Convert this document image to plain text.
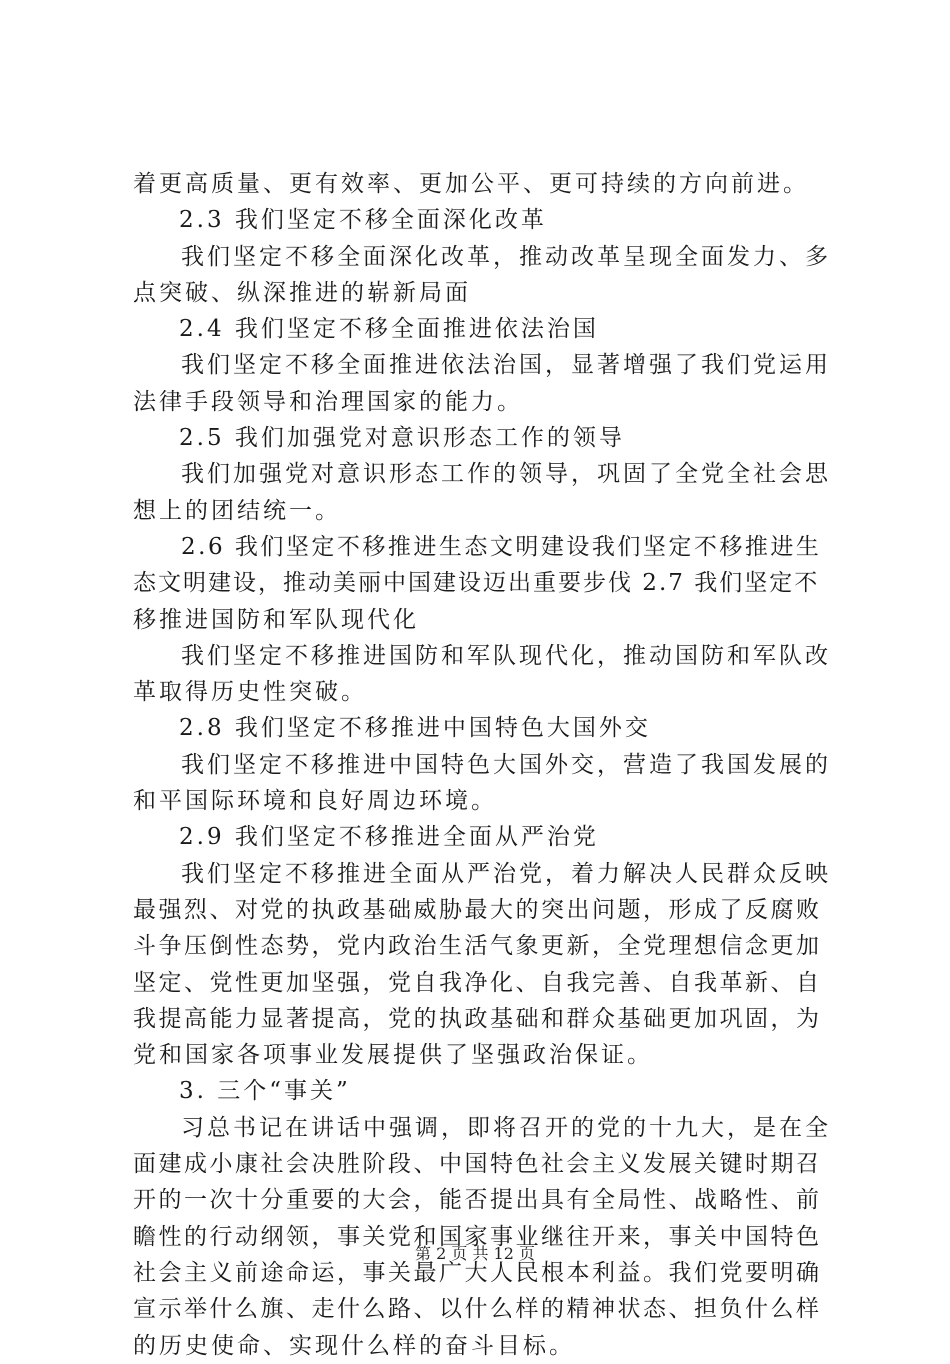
着更高质量、更有效率、更加公平、更可持续的方向前进。
2.3 我们坚定不移全面深化改革
我们坚定不移全面深化改革，推动改革呈现全面发力、多
点突破、纵深推进的崭新局面
2.4 我们坚定不移全面推进依法治国
我们坚定不移全面推进依法治国，显著增强了我们党运用
法律手段领导和治理国家的能力。
2.5 我们加强党对意识形态工作的领导
我们加强党对意识形态工作的领导，巩固了全党全社会思
想上的团结统一。
2.6 我们坚定不移推进生态文明建设我们坚定不移推进生
态文明建设，推动美丽中国建设迈出重要步伐 2.7 我们坚定不
移推进国防和军队现代化
我们坚定不移推进国防和军队现代化，推动国防和军队改
革取得历史性突破。
2.8 我们坚定不移推进中国特色大国外交
我们坚定不移推进中国特色大国外交，营造了我国发展的
和平国际环境和良好周边环境。
2.9 我们坚定不移推进全面从严治党
我们坚定不移推进全面从严治党，着力解决人民群众反映
最强烈、对党的执政基础威胁最大的突出问题，形成了反腐败
斗争压倒性态势，党内政治生活气象更新，全党理想信念更加
坚定、党性更加坚强，党自我净化、自我完善、自我革新、自
我提高能力显著提高，党的执政基础和群众基础更加巩固，为
党和国家各项事业发展提供了坚强政治保证。
3. 三个“事关”
习总书记在讲话中强调，即将召开的党的十九大，是在全
面建成小康社会决胜阶段、中国特色社会主义发展关键时期召
开的一次十分重要的大会，能否提出具有全局性、战略性、前
瞻性的行动纲领，事关党和国家事业继往开来，事关中国特色
社会主义前途命运，事关最广大人民根本利益。我们党要明确
宣示举什么旗、走什么路、以什么样的精神状态、担负什么样
的历史使命、实现什么样的奋斗目标。
第 2 页 共 12 页
